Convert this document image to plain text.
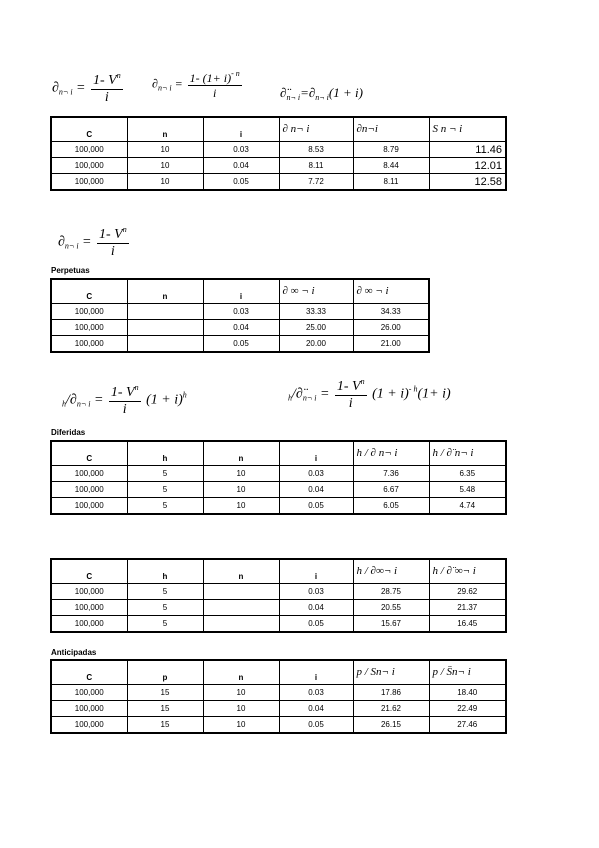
$\partial_{n\neg i} = \frac{1- V^n}{i} \partial_{n\neg i} = \frac{1- (1+ i)^{- n}}{i}$	$\partial̈_{n\neg i}=\partial_{n\neg i}(1 + i)$
C	n	i	∂ n¬ i	∂n¬i	S n ¬ i
100,000	10	0.03	8.53	8.79	11.46
100,000	10	0.04	8.11	8.44	12.01
100,000	10	0.05	7.72	8.11	12.58
$\partial_{n\neg i} = \frac{1- V^n}{i}$
Perpetuas
C	n	i	∂ ∞ ¬ i	∂ ∞ ¬ i
100,000		0.03	33.33	34.33
100,000		0.04	25.00	26.00
100,000		0.05	20.00	21.00
$_h/\partial_{n\neg i} = \frac{1- V^n}{i} (1 + i)^h$	$_h/\partial̈_{n\neg i} = \frac{1- V^n}{i} (1 + i)^{- h}(1+ i)$
Diferidas
C	h	n	i	h / ∂ n¬ i	h / ∂̈ n¬ i
100,000	5	10	0.03	7.36	6.35
100,000	5	10	0.04	6.67	5.48
100,000	5	10	0.05	6.05	4.74
C	h	n	i	h / ∂∞¬ i	h / ∂̈ ∞¬ i
100,000	5		0.03	28.75	29.62
100,000	5		0.04	20.55	21.37
100,000	5		0.05	15.67	16.45
Anticipadas
C	p	n	i	p / Sn¬ i	p / S̈n¬ i
100,000	15	10	0.03	17.86	18.40
100,000	15	10	0.04	21.62	22.49
100,000	15	10	0.05	26.15	27.46
